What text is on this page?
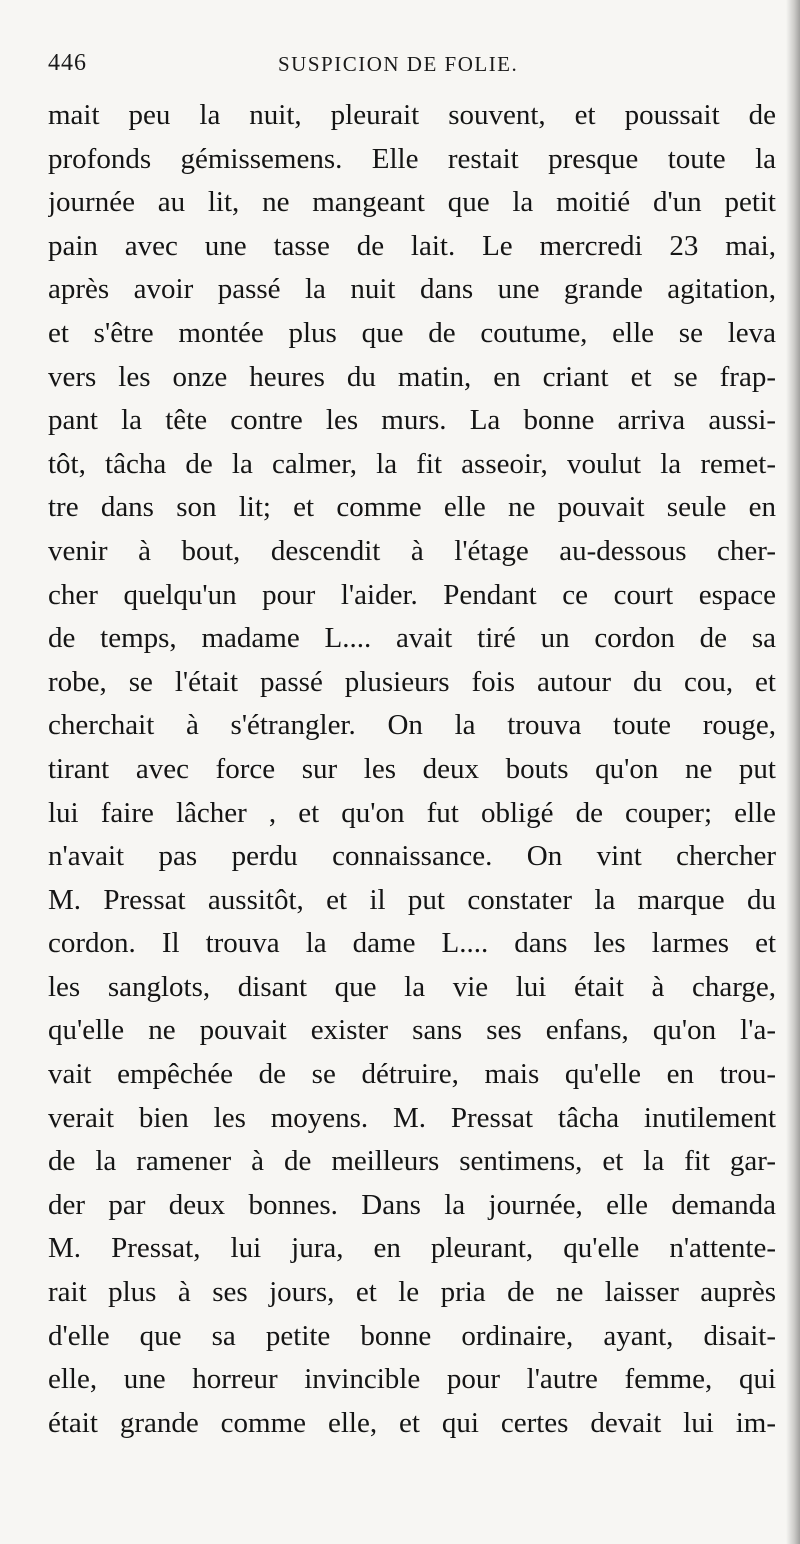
446	SUSPICION DE FOLIE.
mait peu la nuit, pleurait souvent, et poussait de
profonds gémissemens. Elle restait presque toute la
journée au lit, ne mangeant que la moitié d'un petit
pain avec une tasse de lait. Le mercredi 23 mai,
après avoir passé la nuit dans une grande agitation,
et s'être montée plus que de coutume, elle se leva
vers les onze heures du matin, en criant et se frap-
pant la tête contre les murs. La bonne arriva aussi-
tôt, tâcha de la calmer, la fit asseoir, voulut la remet-
tre dans son lit; et comme elle ne pouvait seule en
venir à bout, descendit à l'étage au-dessous cher-
cher quelqu'un pour l'aider. Pendant ce court espace
de temps, madame L.... avait tiré un cordon de sa
robe, se l'était passé plusieurs fois autour du cou, et
cherchait à s'étrangler. On la trouva toute rouge,
tirant avec force sur les deux bouts qu'on ne put
lui faire lâcher , et qu'on fut obligé de couper; elle
n'avait pas perdu connaissance. On vint chercher
M. Pressat aussitôt, et il put constater la marque du
cordon. Il trouva la dame L.... dans les larmes et
les sanglots, disant que la vie lui était à charge,
qu'elle ne pouvait exister sans ses enfans, qu'on l'a-
vait empêchée de se détruire, mais qu'elle en trou-
verait bien les moyens. M. Pressat tâcha inutilement
de la ramener à de meilleurs sentimens, et la fit gar-
der par deux bonnes. Dans la journée, elle demanda
M. Pressat, lui jura, en pleurant, qu'elle n'attente-
rait plus à ses jours, et le pria de ne laisser auprès
d'elle que sa petite bonne ordinaire, ayant, disait-
elle, une horreur invincible pour l'autre femme, qui
était grande comme elle, et qui certes devait lui im-
